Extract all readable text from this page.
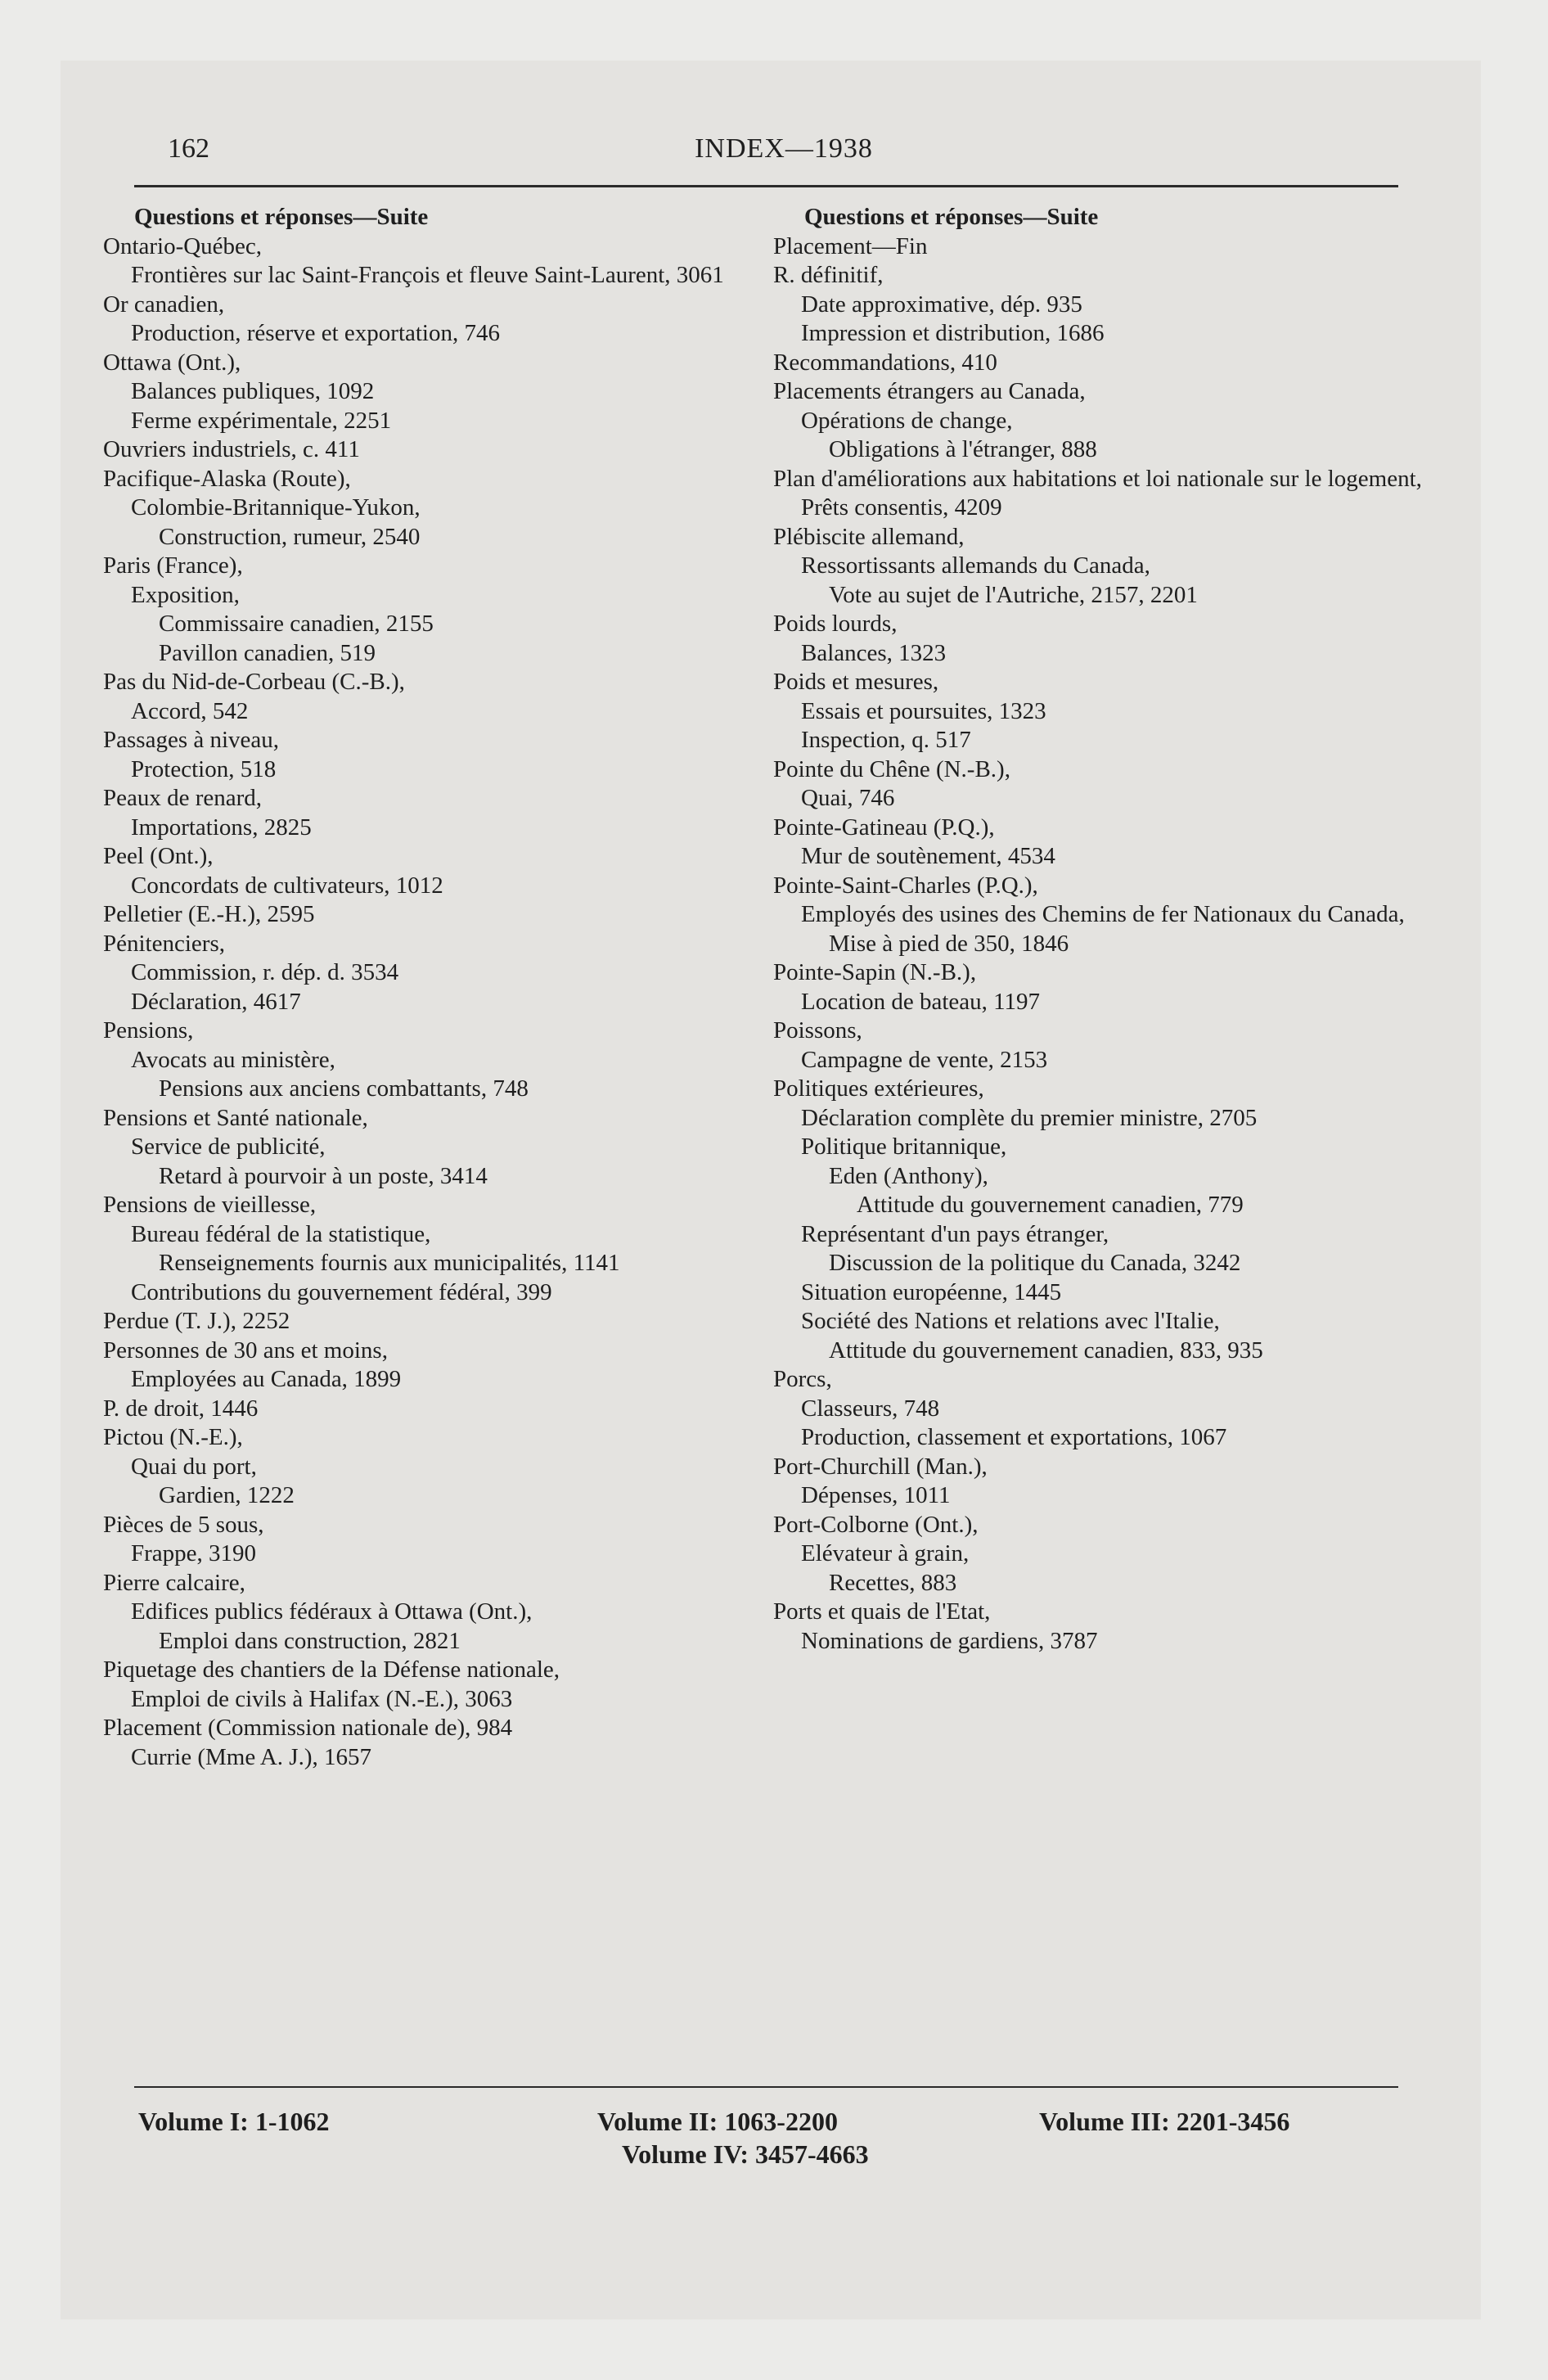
162	INDEX—1938
Questions et réponses—Suite
Ontario-Québec,
Frontières sur lac Saint-François et fleuve Saint-Laurent, 3061
Or canadien,
Production, réserve et exportation, 746
Ottawa (Ont.),
Balances publiques, 1092
Ferme expérimentale, 2251
Ouvriers industriels, c. 411
Pacifique-Alaska (Route),
Colombie-Britannique-Yukon,
Construction, rumeur, 2540
Paris (France),
Exposition,
Commissaire canadien, 2155
Pavillon canadien, 519
Pas du Nid-de-Corbeau (C.-B.),
Accord, 542
Passages à niveau,
Protection, 518
Peaux de renard,
Importations, 2825
Peel (Ont.),
Concordats de cultivateurs, 1012
Pelletier (E.-H.), 2595
Pénitenciers,
Commission, r. dép. d. 3534
Déclaration, 4617
Pensions,
Avocats au ministère,
Pensions aux anciens combattants, 748
Pensions et Santé nationale,
Service de publicité,
Retard à pourvoir à un poste, 3414
Pensions de vieillesse,
Bureau fédéral de la statistique,
Renseignements fournis aux municipalités, 1141
Contributions du gouvernement fédéral, 399
Perdue (T. J.), 2252
Personnes de 30 ans et moins,
Employées au Canada, 1899
P. de droit, 1446
Pictou (N.-E.),
Quai du port,
Gardien, 1222
Pièces de 5 sous,
Frappe, 3190
Pierre calcaire,
Edifices publics fédéraux à Ottawa (Ont.),
Emploi dans construction, 2821
Piquetage des chantiers de la Défense nationale,
Emploi de civils à Halifax (N.-E.), 3063
Placement (Commission nationale de), 984
Currie (Mme A. J.), 1657
Questions et réponses—Suite
Placement—Fin
R. définitif,
Date approximative, dép. 935
Impression et distribution, 1686
Recommandations, 410
Placements étrangers au Canada,
Opérations de change,
Obligations à l'étranger, 888
Plan d'améliorations aux habitations et loi nationale sur le logement,
Prêts consentis, 4209
Plébiscite allemand,
Ressortissants allemands du Canada,
Vote au sujet de l'Autriche, 2157, 2201
Poids lourds,
Balances, 1323
Poids et mesures,
Essais et poursuites, 1323
Inspection, q. 517
Pointe du Chêne (N.-B.),
Quai, 746
Pointe-Gatineau (P.Q.),
Mur de soutènement, 4534
Pointe-Saint-Charles (P.Q.),
Employés des usines des Chemins de fer Nationaux du Canada,
Mise à pied de 350, 1846
Pointe-Sapin (N.-B.),
Location de bateau, 1197
Poissons,
Campagne de vente, 2153
Politiques extérieures,
Déclaration complète du premier ministre, 2705
Politique britannique,
Eden (Anthony),
Attitude du gouvernement canadien, 779
Représentant d'un pays étranger,
Discussion de la politique du Canada, 3242
Situation européenne, 1445
Société des Nations et relations avec l'Italie,
Attitude du gouvernement canadien, 833, 935
Porcs,
Classeurs, 748
Production, classement et exportations, 1067
Port-Churchill (Man.),
Dépenses, 1011
Port-Colborne (Ont.),
Elévateur à grain,
Recettes, 883
Ports et quais de l'Etat,
Nominations de gardiens, 3787
Volume I: 1-1062	Volume II: 1063-2200	Volume III: 2201-3456
Volume IV: 3457-4663
